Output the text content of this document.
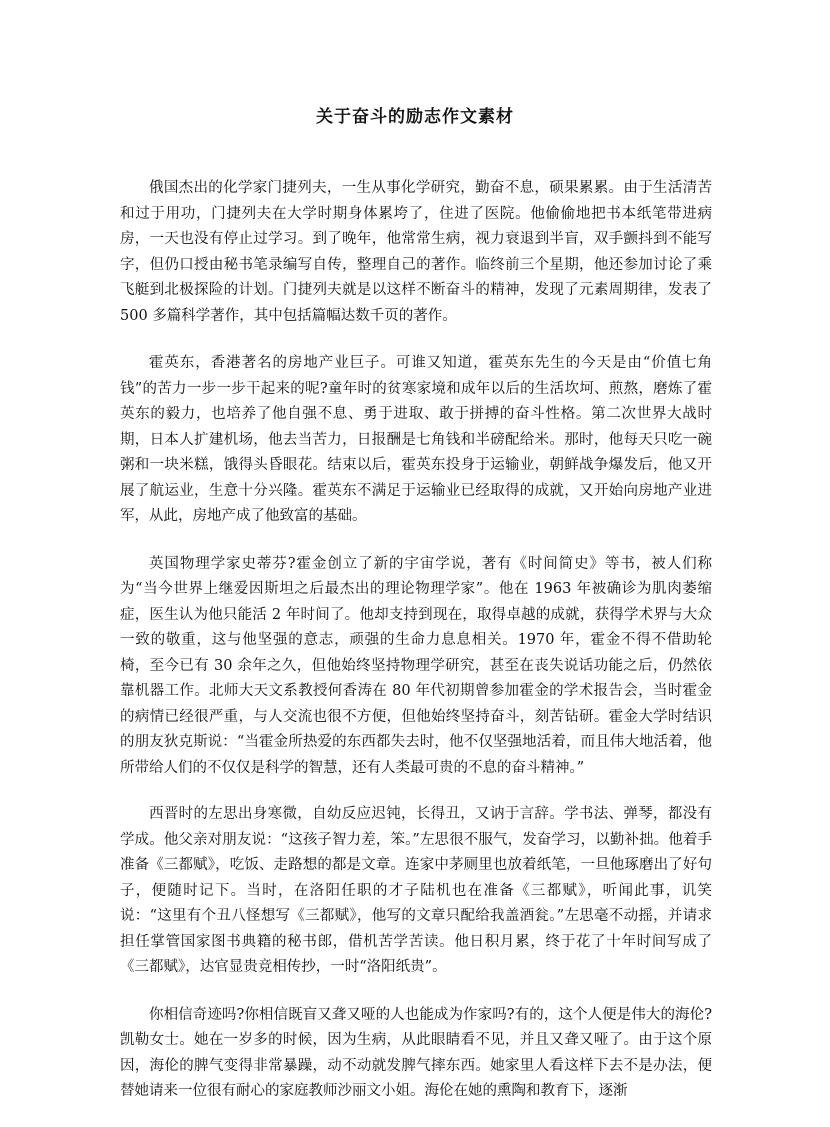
关于奋斗的励志作文素材

俄国杰出的化学家门捷列夫，一生从事化学研究，勤奋不息，硕果累累。由于生活清苦和过于用功，门捷列夫在大学时期身体累垮了，住进了医院。他偷偷地把书本纸笔带进病房，一天也没有停止过学习。到了晚年，他常常生病，视力衰退到半盲，双手颤抖到不能写字，但仍口授由秘书笔录编写自传，整理自己的著作。临终前三个星期，他还参加讨论了乘飞艇到北极探险的计划。门捷列夫就是以这样不断奋斗的精神，发现了元素周期律，发表了 500 多篇科学著作，其中包括篇幅达数千页的著作。

霍英东，香港著名的房地产业巨子。可谁又知道，霍英东先生的今天是由“价值七角钱”的苦力一步一步干起来的呢?童年时的贫寒家境和成年以后的生活坎坷、煎熬，磨炼了霍英东的毅力，也培养了他自强不息、勇于进取、敢于拼搏的奋斗性格。第二次世界大战时期，日本人扩建机场，他去当苦力，日报酬是七角钱和半磅配给米。那时，他每天只吃一碗粥和一块米糕，饿得头昏眼花。结束以后，霍英东投身于运输业，朝鲜战争爆发后，他又开展了航运业，生意十分兴隆。霍英东不满足于运输业已经取得的成就，又开始向房地产业进军，从此，房地产成了他致富的基础。

英国物理学家史蒂芬?霍金创立了新的宇宙学说，著有《时间简史》等书，被人们称为“当今世界上继爱因斯坦之后最杰出的理论物理学家”。他在 1963 年被确诊为肌肉萎缩症，医生认为他只能活 2 年时间了。他却支持到现在，取得卓越的成就，获得学术界与大众一致的敬重，这与他坚强的意志，顽强的生命力息息相关。1970 年，霍金不得不借助轮椅，至今已有 30 余年之久，但他始终坚持物理学研究，甚至在丧失说话功能之后，仍然依靠机器工作。北师大天文系教授何香涛在 80 年代初期曾参加霍金的学术报告会，当时霍金的病情已经很严重，与人交流也很不方便，但他始终坚持奋斗，刻苦钻研。霍金大学时结识的朋友狄克斯说：“当霍金所热爱的东西都失去时，他不仅坚强地活着，而且伟大地活着，他所带给人们的不仅仅是科学的智慧，还有人类最可贵的不息的奋斗精神。”

西晋时的左思出身寒微，自幼反应迟钝，长得丑，又讷于言辞。学书法、弹琴，都没有学成。他父亲对朋友说：“这孩子智力差，笨。”左思很不服气，发奋学习，以勤补拙。他着手准备《三都赋》，吃饭、走路想的都是文章。连家中茅厕里也放着纸笔，一旦他琢磨出了好句子，便随时记下。当时，在洛阳任职的才子陆机也在准备《三都赋》，听闻此事，讥笑说：“这里有个丑八怪想写《三都赋》，他写的文章只配给我盖酒瓮。”左思毫不动摇，并请求担任掌管国家图书典籍的秘书郎，借机苦学苦读。他日积月累，终于花了十年时间写成了《三都赋》，达官显贵竞相传抄，一时“洛阳纸贵”。

你相信奇迹吗?你相信既盲又聋又哑的人也能成为作家吗?有的，这个人便是伟大的海伦?凯勒女士。她在一岁多的时候，因为生病，从此眼睛看不见，并且又聋又哑了。由于这个原因，海伦的脾气变得非常暴躁，动不动就发脾气摔东西。她家里人看这样下去不是办法，便替她请来一位很有耐心的家庭教师沙丽文小姐。海伦在她的熏陶和教育下，逐渐
